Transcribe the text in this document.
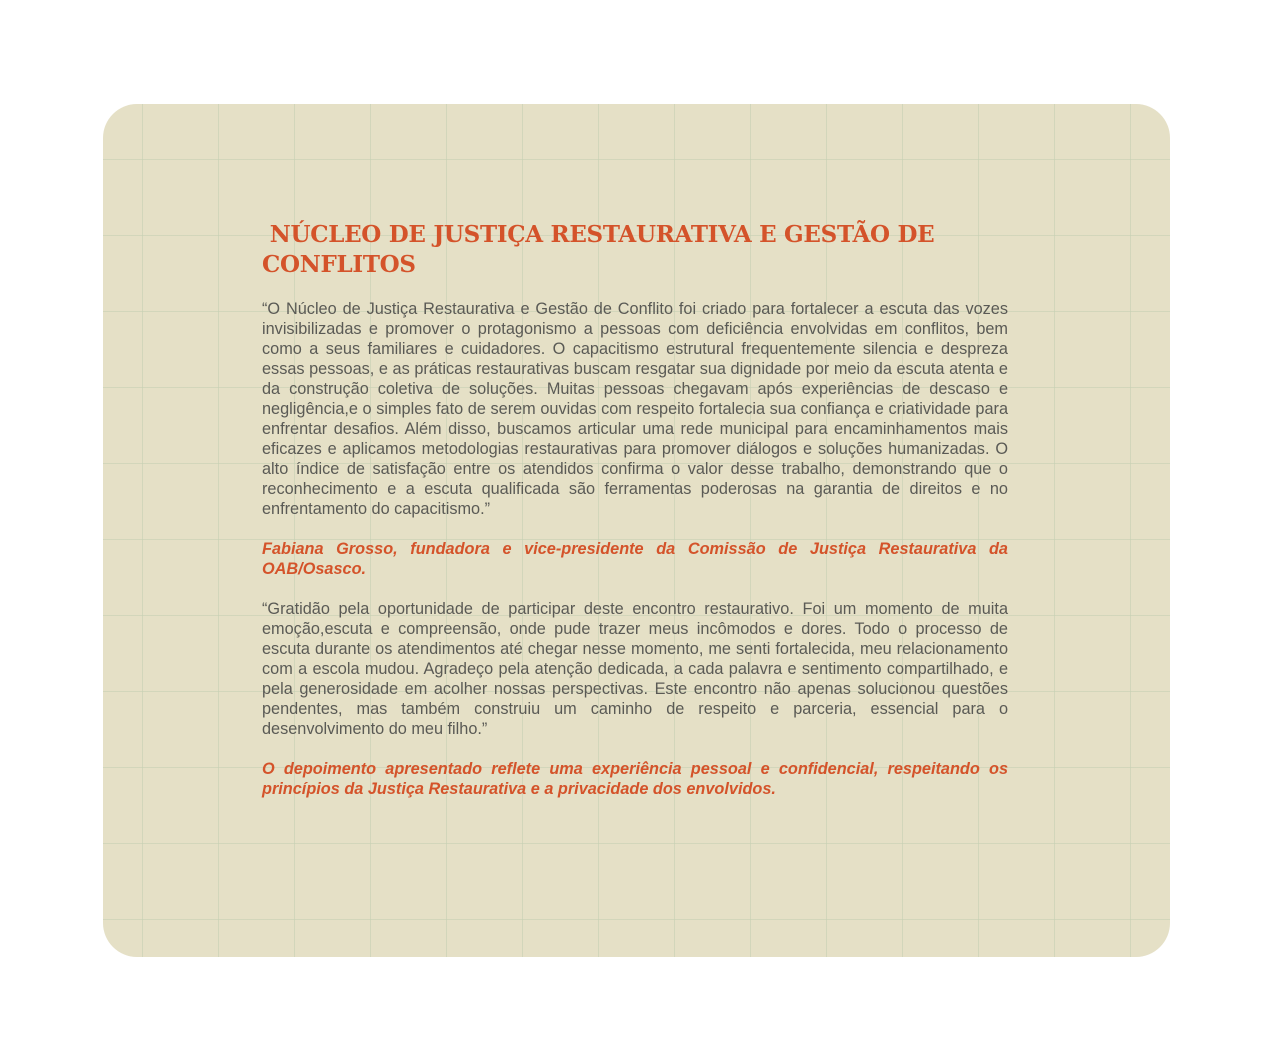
NÚCLEO DE JUSTIÇA RESTAURATIVA E GESTÃO DE CONFLITOS

“O Núcleo de Justiça Restaurativa e Gestão de Conflito foi criado para fortalecer a escuta das vozes invisibilizadas e promover o protagonismo a pessoas com deficiência envolvidas em conflitos, bem como a seus familiares e cuidadores. O capacitismo estrutural frequentemente silencia e despreza essas pessoas, e as práticas restaurativas buscam resgatar sua dignidade por meio da escuta atenta e da construção coletiva de soluções. Muitas pessoas chegavam após experiências de descaso e negligência,e o simples fato de serem ouvidas com respeito fortalecia sua confiança e criatividade para enfrentar desafios. Além disso, buscamos articular uma rede municipal para encaminhamentos mais eficazes e aplicamos metodologias restaurativas para promover diálogos e soluções humanizadas. O alto índice de satisfação entre os atendidos confirma o valor desse trabalho, demonstrando que o reconhecimento e a escuta qualificada são ferramentas poderosas na garantia de direitos e no enfrentamento do capacitismo.”

Fabiana Grosso, fundadora e vice-presidente da Comissão de Justiça Restaurativa da OAB/Osasco.

“Gratidão pela oportunidade de participar deste encontro restaurativo. Foi um momento de muita emoção,escuta e compreensão, onde pude trazer meus incômodos e dores. Todo o processo de escuta durante os atendimentos até chegar nesse momento, me senti fortalecida, meu relacionamento com a escola mudou. Agradeço pela atenção dedicada, a cada palavra e sentimento compartilhado, e pela generosidade em acolher nossas perspectivas. Este encontro não apenas solucionou questões pendentes, mas também construiu um caminho de respeito e parceria, essencial para o desenvolvimento do meu filho.”

O depoimento apresentado reflete uma experiência pessoal e confidencial, respeitando os princípios da Justiça Restaurativa e a privacidade dos envolvidos.
